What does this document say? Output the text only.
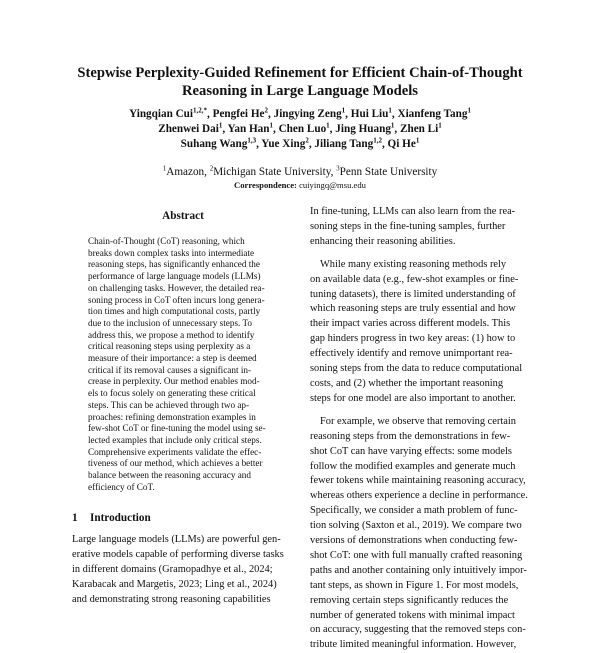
Stepwise Perplexity-Guided Refinement for Efficient Chain-of-Thought
Reasoning in Large Language Models
Yingqian Cui$^{1,2,*}$, Pengfei He$^2$, Jingying Zeng$^1$, Hui Liu$^1$, Xianfeng Tang$^1$
Zhenwei Dai$^1$, Yan Han$^1$, Chen Luo$^1$, Jing Huang$^1$, Zhen Li$^1$
Suhang Wang$^{1,3}$, Yue Xing$^2$, Jiliang Tang$^{1,2}$, Qi He$^1$
$^1$Amazon, $^2$Michigan State University, $^3$Penn State University
Correspondence: cuiyingq@msu.edu
Abstract
Chain-of-Thought (CoT) reasoning, which
breaks down complex tasks into intermediate
reasoning steps, has significantly enhanced the
performance of large language models (LLMs)
on challenging tasks. However, the detailed rea-
soning process in CoT often incurs long genera-
tion times and high computational costs, partly
due to the inclusion of unnecessary steps. To
address this, we propose a method to identify
critical reasoning steps using perplexity as a
measure of their importance: a step is deemed
critical if its removal causes a significant in-
crease in perplexity. Our method enables mod-
els to focus solely on generating these critical
steps. This can be achieved through two ap-
proaches: refining demonstration examples in
few-shot CoT or fine-tuning the model using se-
lected examples that include only critical steps.
Comprehensive experiments validate the effec-
tiveness of our method, which achieves a better
balance between the reasoning accuracy and
efficiency of CoT.
1 Introduction
Large language models (LLMs) are powerful gen-
erative models capable of performing diverse tasks
in different domains (Gramopadhye et al., 2024;
Karabacak and Margetis, 2023; Ling et al., 2024)
and demonstrating strong reasoning capabilities
In fine-tuning, LLMs can also learn from the rea-
soning steps in the fine-tuning samples, further
enhancing their reasoning abilities.
While many existing reasoning methods rely
on available data (e.g., few-shot examples or fine-
tuning datasets), there is limited understanding of
which reasoning steps are truly essential and how
their impact varies across different models. This
gap hinders progress in two key areas: (1) how to
effectively identify and remove unimportant rea-
soning steps from the data to reduce computational
costs, and (2) whether the important reasoning
steps for one model are also important to another.
For example, we observe that removing certain
reasoning steps from the demonstrations in few-
shot CoT can have varying effects: some models
follow the modified examples and generate much
fewer tokens while maintaining reasoning accuracy,
whereas others experience a decline in performance.
Specifically, we consider a math problem of func-
tion solving (Saxton et al., 2019). We compare two
versions of demonstrations when conducting few-
shot CoT: one with full manually crafted reasoning
paths and another containing only intuitively impor-
tant steps, as shown in Figure 1. For most models,
removing certain steps significantly reduces the
number of generated tokens with minimal impact
on accuracy, suggesting that the removed steps con-
tribute limited meaningful information. However,
